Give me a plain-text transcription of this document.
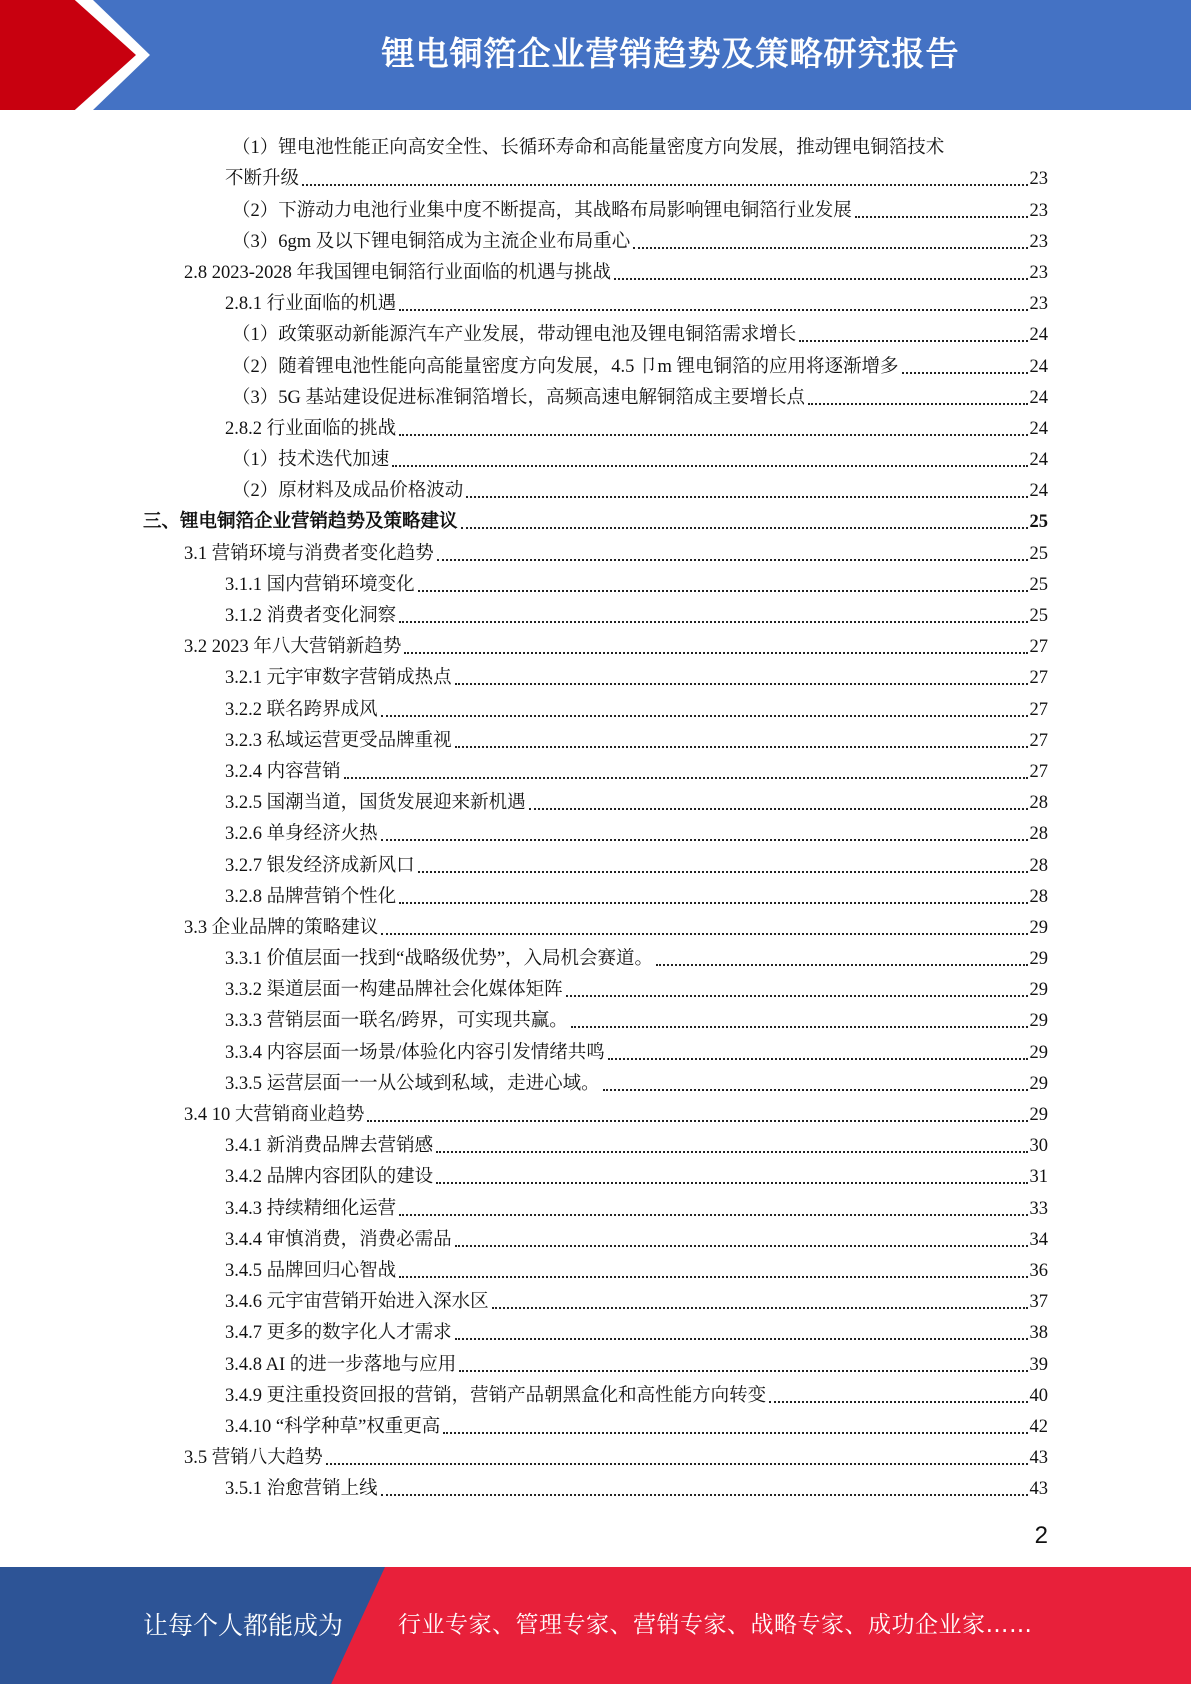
锂电铜箔企业营销趋势及策略研究报告
（1）锂电池性能正向高安全性、长循环寿命和高能量密度方向发展，推动锂电铜箔技术
不断升级	23
（2）下游动力电池行业集中度不断提高，其战略布局影响锂电铜箔行业发展	23
（3）6gm 及以下锂电铜箔成为主流企业布局重心	23
2.8 2023-2028 年我国锂电铜箔行业面临的机遇与挑战	23
2.8.1 行业面临的机遇	23
（1）政策驱动新能源汽车产业发展，带动锂电池及锂电铜箔需求增长	24
（2）随着锂电池性能向高能量密度方向发展，4.5 卩m 锂电铜箔的应用将逐渐增多	24
（3）5G 基站建设促进标准铜箔增长，高频高速电解铜箔成主要增长点	24
2.8.2 行业面临的挑战	24
（1）技术迭代加速	24
（2）原材料及成品价格波动	24
三、锂电铜箔企业营销趋势及策略建议	25
3.1 营销环境与消费者变化趋势	25
3.1.1 国内营销环境变化	25
3.1.2 消费者变化洞察	25
3.2 2023 年八大营销新趋势	27
3.2.1 元宇审数字营销成热点	27
3.2.2 联名跨界成风	27
3.2.3 私域运营更受品牌重视	27
3.2.4 内容营销	27
3.2.5 国潮当道，国货发展迎来新机遇	28
3.2.6 单身经济火热	28
3.2.7 银发经济成新风口	28
3.2.8 品牌营销个性化	28
3.3 企业品牌的策略建议	29
3.3.1 价值层面一找到“战略级优势”，入局机会赛道。	29
3.3.2 渠道层面一构建品牌社会化媒体矩阵	29
3.3.3 营销层面一联名/跨界，可实现共赢。	29
3.3.4 内容层面一场景/体验化内容引发情绪共鸣	29
3.3.5 运营层面一一从公域到私域，走进心域。	29
3.4 10 大营销商业趋势	29
3.4.1 新消费品牌去营销感	30
3.4.2 品牌内容团队的建设	31
3.4.3 持续精细化运营	33
3.4.4 审慎消费，消费必需品	34
3.4.5 品牌回归心智战	36
3.4.6 元宇宙营销开始进入深水区	37
3.4.7 更多的数字化人才需求	38
3.4.8 AI 的进一步落地与应用	39
3.4.9 更注重投资回报的营销，营销产品朝黑盒化和高性能方向转变	40
3.4.10 “科学种草”权重更高	42
3.5 营销八大趋势	43
3.5.1 治愈营销上线	43
2
让每个人都能成为 行业专家、管理专家、营销专家、战略专家、成功企业家……
